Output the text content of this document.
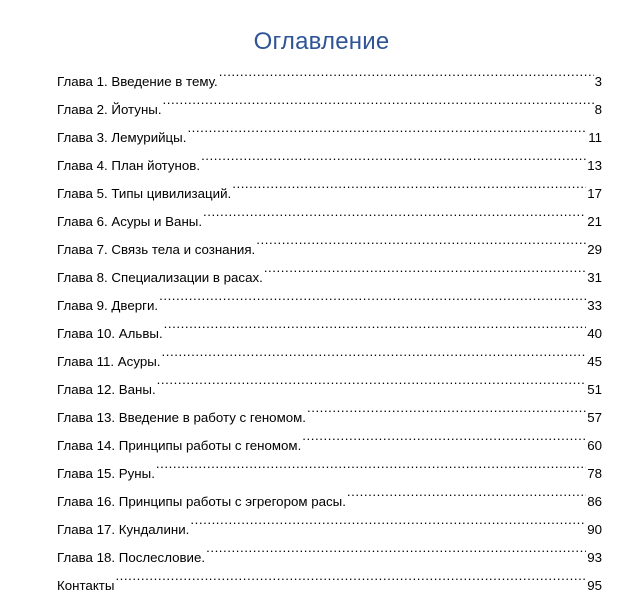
Оглавление
Глава 1. Введение в тему. .....	3
Глава 2. Йотуны. .....	8
Глава 3. Лемурийцы. .....	11
Глава 4. План йотунов. .....	13
Глава 5. Типы цивилизаций. .....	17
Глава 6. Асуры и Ваны. .....	21
Глава 7. Связь тела и сознания. .....	29
Глава 8. Специализации в расах. .....	31
Глава 9. Дверги. .....	33
Глава 10. Альвы. .....	40
Глава 11. Асуры. .....	45
Глава 12. Ваны. .....	51
Глава 13. Введение в работу с геномом. .....	57
Глава 14. Принципы работы с геномом. .....	60
Глава 15. Руны. .....	78
Глава 16. Принципы работы с эгрегором расы. .....	86
Глава 17. Кундалини. .....	90
Глава 18. Послесловие. .....	93
Контакты .....	95
